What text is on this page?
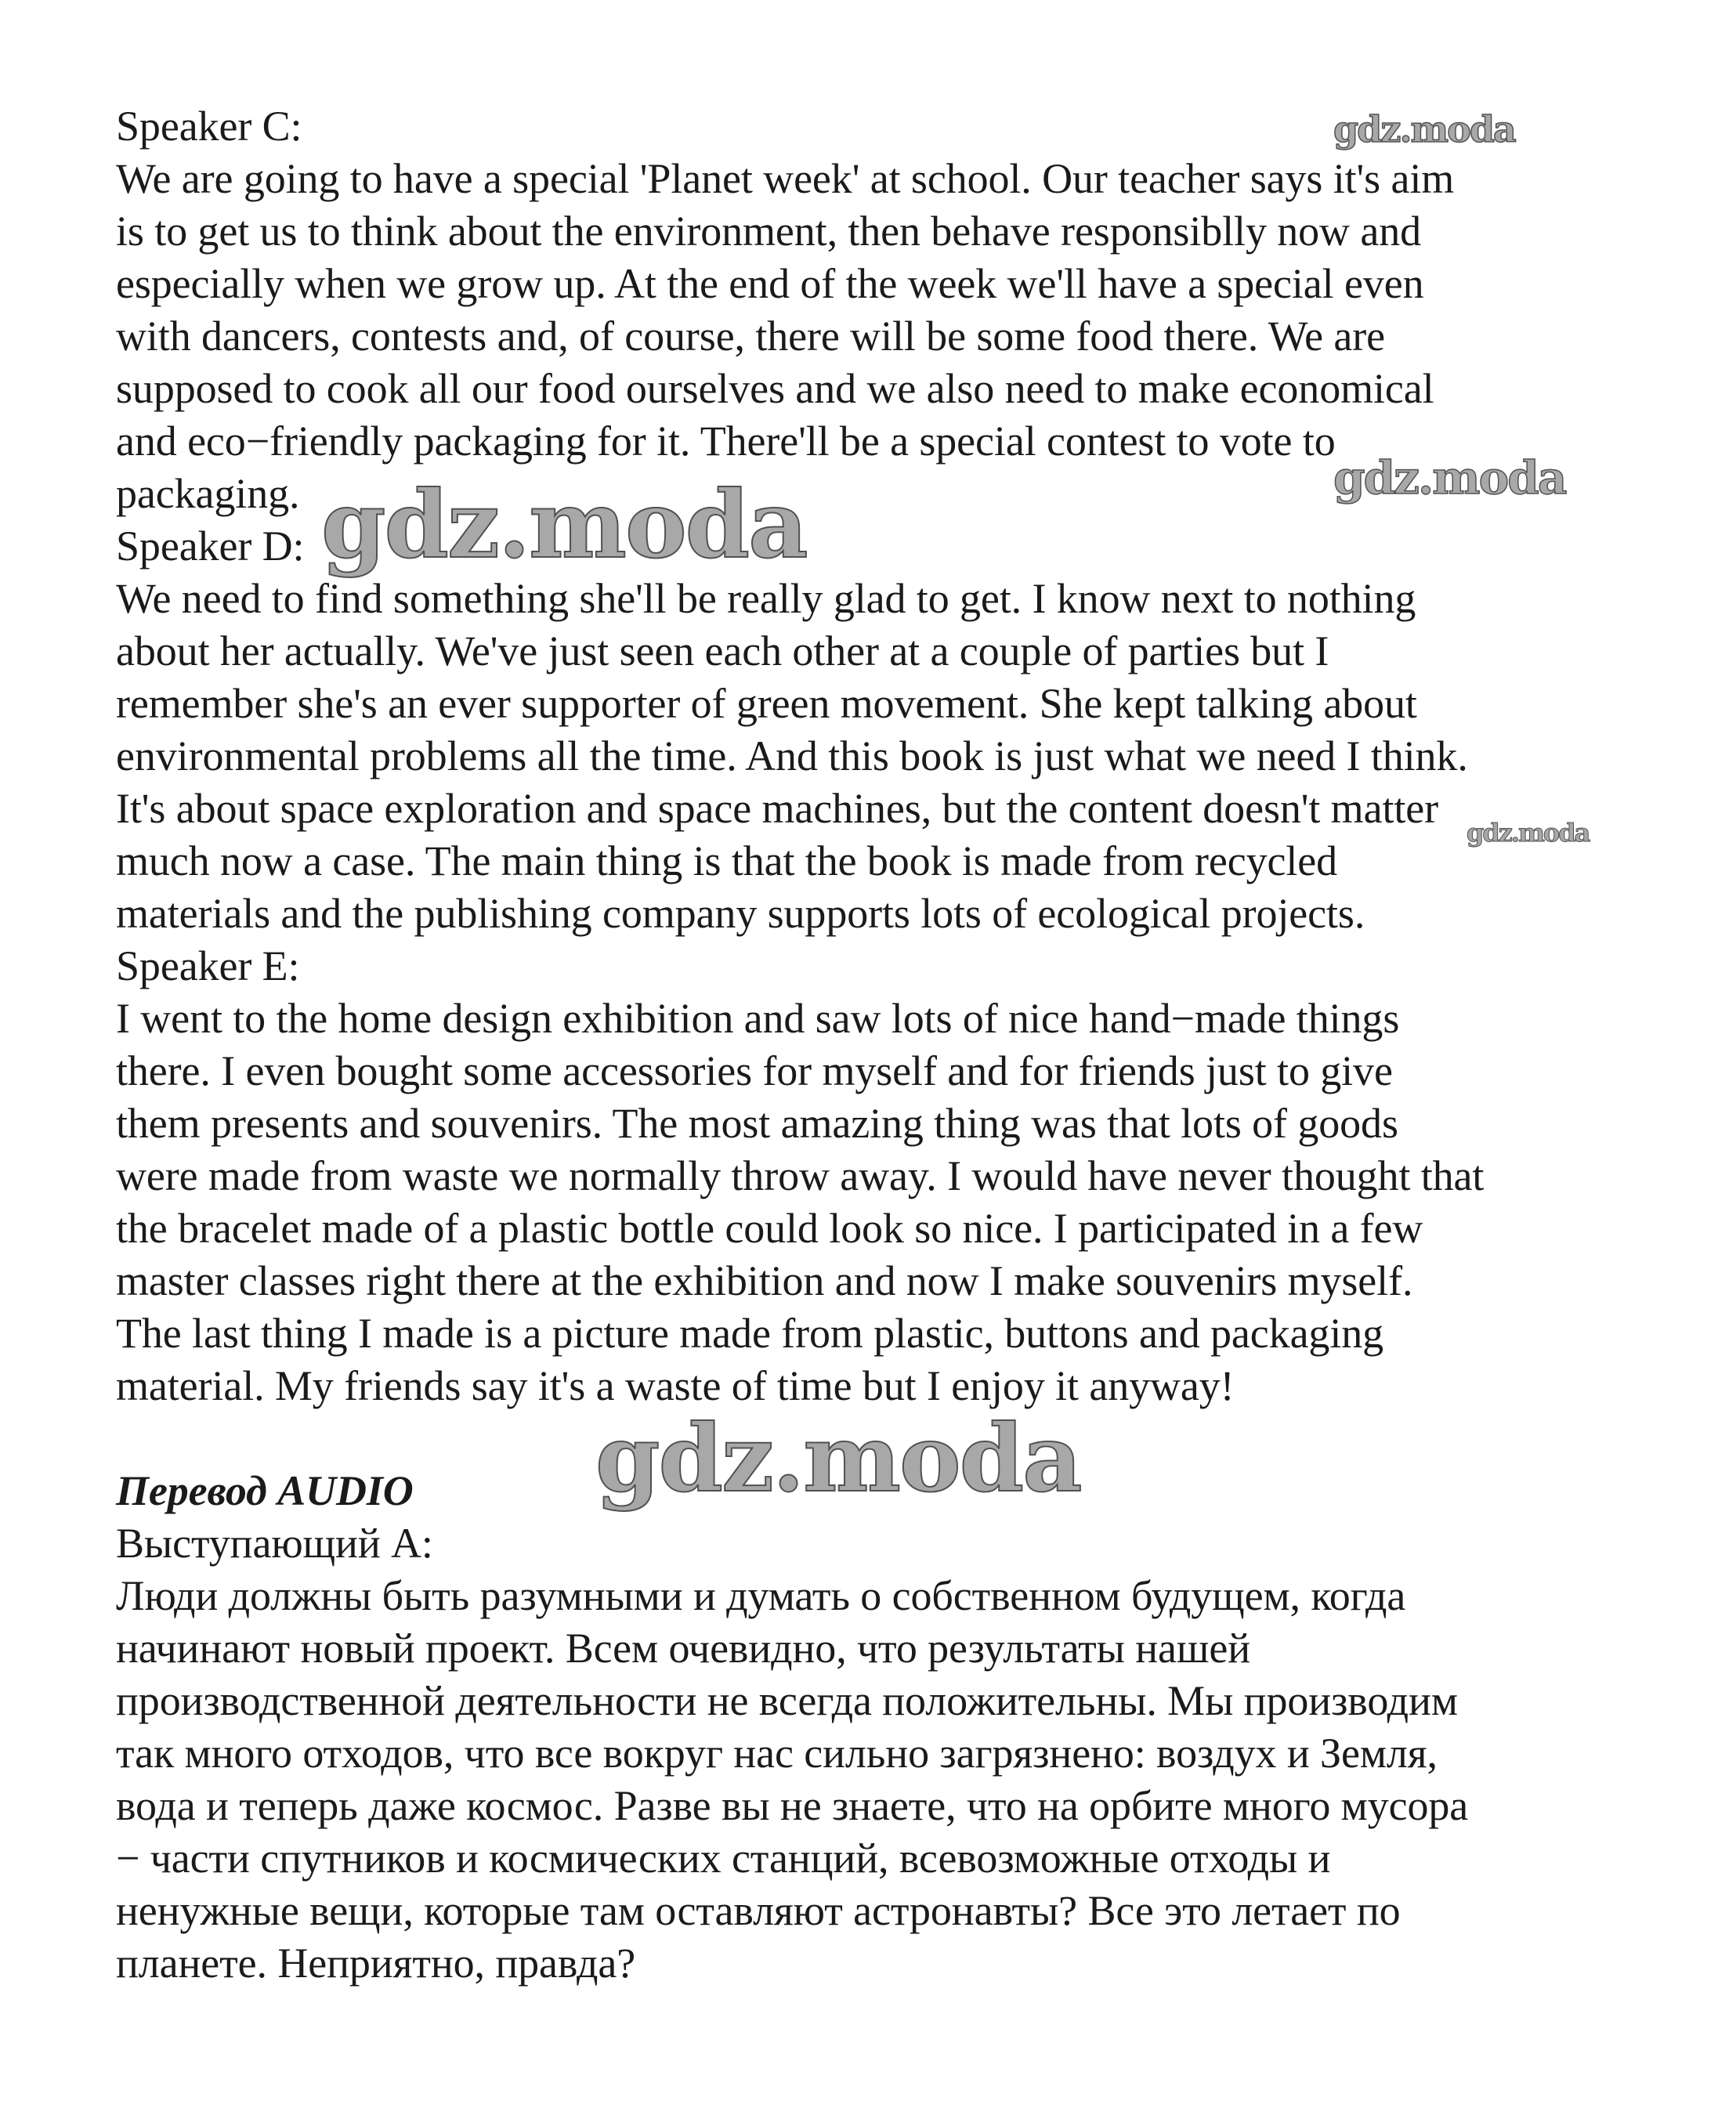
Speaker C:
We are going to have a special 'Planet week' at school. Our teacher says it's aim
is to get us to think about the environment, then behave responsiblly now and
especially when we grow up. At the end of the week we'll have a special even
with dancers, contests and, of course, there will be some food there. We are
supposed to cook all our food ourselves and we also need to make economical
and eco−friendly packaging for it. There'll be a special contest to vote to
packaging.
Speaker D:
We need to find something she'll be really glad to get. I know next to nothing
about her actually. We've just seen each other at a couple of parties but I
remember she's an ever supporter of green movement. She kept talking about
environmental problems all the time. And this book is just what we need I think.
It's about space exploration and space machines, but the content doesn't matter
much now a case. The main thing is that the book is made from recycled
materials and the publishing company supports lots of ecological projects.
Speaker E:
I went to the home design exhibition and saw lots of nice hand−made things
there. I even bought some accessories for myself and for friends just to give
them presents and souvenirs. The most amazing thing was that lots of goods
were made from waste we normally throw away. I would have never thought that
the bracelet made of a plastic bottle could look so nice. I participated in a few
master classes right there at the exhibition and now I make souvenirs myself.
The last thing I made is a picture made from plastic, buttons and packaging
material. My friends say it's a waste of time but I enjoy it anyway!
Перевод AUDIO
Выступающий А:
Люди должны быть разумными и думать о собственном будущем, когда
начинают новый проект. Всем очевидно, что результаты нашей
производственной деятельности не всегда положительны. Мы производим
так много отходов, что все вокруг нас сильно загрязнено: воздух и Земля,
вода и теперь даже космос. Разве вы не знаете, что на орбите много мусора
− части спутников и космических станций, всевозможные отходы и
ненужные вещи, которые там оставляют астронавты? Все это летает по
планете. Неприятно, правда?
gdz.moda
gdz.moda
gdz.moda
gdz.moda
gdz.moda
